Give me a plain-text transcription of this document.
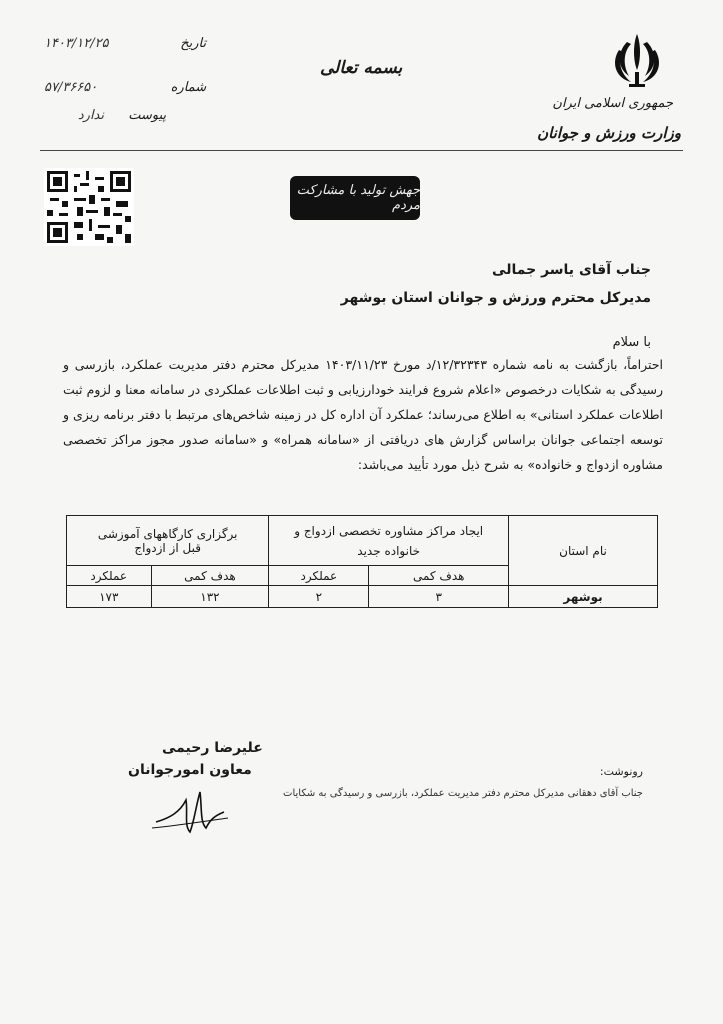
جمهوری اسلامی ایران
وزارت ورزش و جوانان
بسمه تعالی
۱۴۰۳/۱۲/۲۵	تاریخ
۵۷/۳۶۶۵۰	شماره
ندارد پیوست
جهش تولید با مشارکت مردم
جناب آقای یاسر جمالی
مدیرکل محترم ورزش و جوانان استان بوشهر
با سلام
احتراماً، بازگشت به نامه شماره ۱۲/۳۲۳۴۳/د مورخ ۱۴۰۳/۱۱/۲۳ مدیرکل محترم دفتر مدیریت عملکرد، بازرسی و رسیدگی به شکایات درخصوص «اعلام شروع فرایند خودارزیابی و ثبت اطلاعات عملکردی در سامانه معنا و لزوم ثبت اطلاعات عملکرد استانی» به اطلاع می‌رساند؛ عملکرد آن اداره کل در زمینه شاخص‌های مرتبط با دفتر برنامه ریزی و توسعه اجتماعی جوانان براساس گزارش های دریافتی از «سامانه همراه» و «سامانه صدور مجوز مراکز تخصصی مشاوره ازدواج و خانواده» به شرح ذیل مورد تأیید می‌باشد:
نام استان	ایجاد مراکز مشاوره تخصصی ازدواج و خانواده جدید		برگزاری کارگاههای آموزشی قبل از ازدواج	
	هدف کمی	عملکرد	هدف کمی	عملکرد
بوشهر	۳	۲	۱۳۲	۱۷۳
علیرضا رحیمی
معاون امورجوانان	رونوشت:
جناب آقای دهقانی مدیرکل محترم دفتر مدیریت عملکرد، بازرسی و رسیدگی به شکایات
